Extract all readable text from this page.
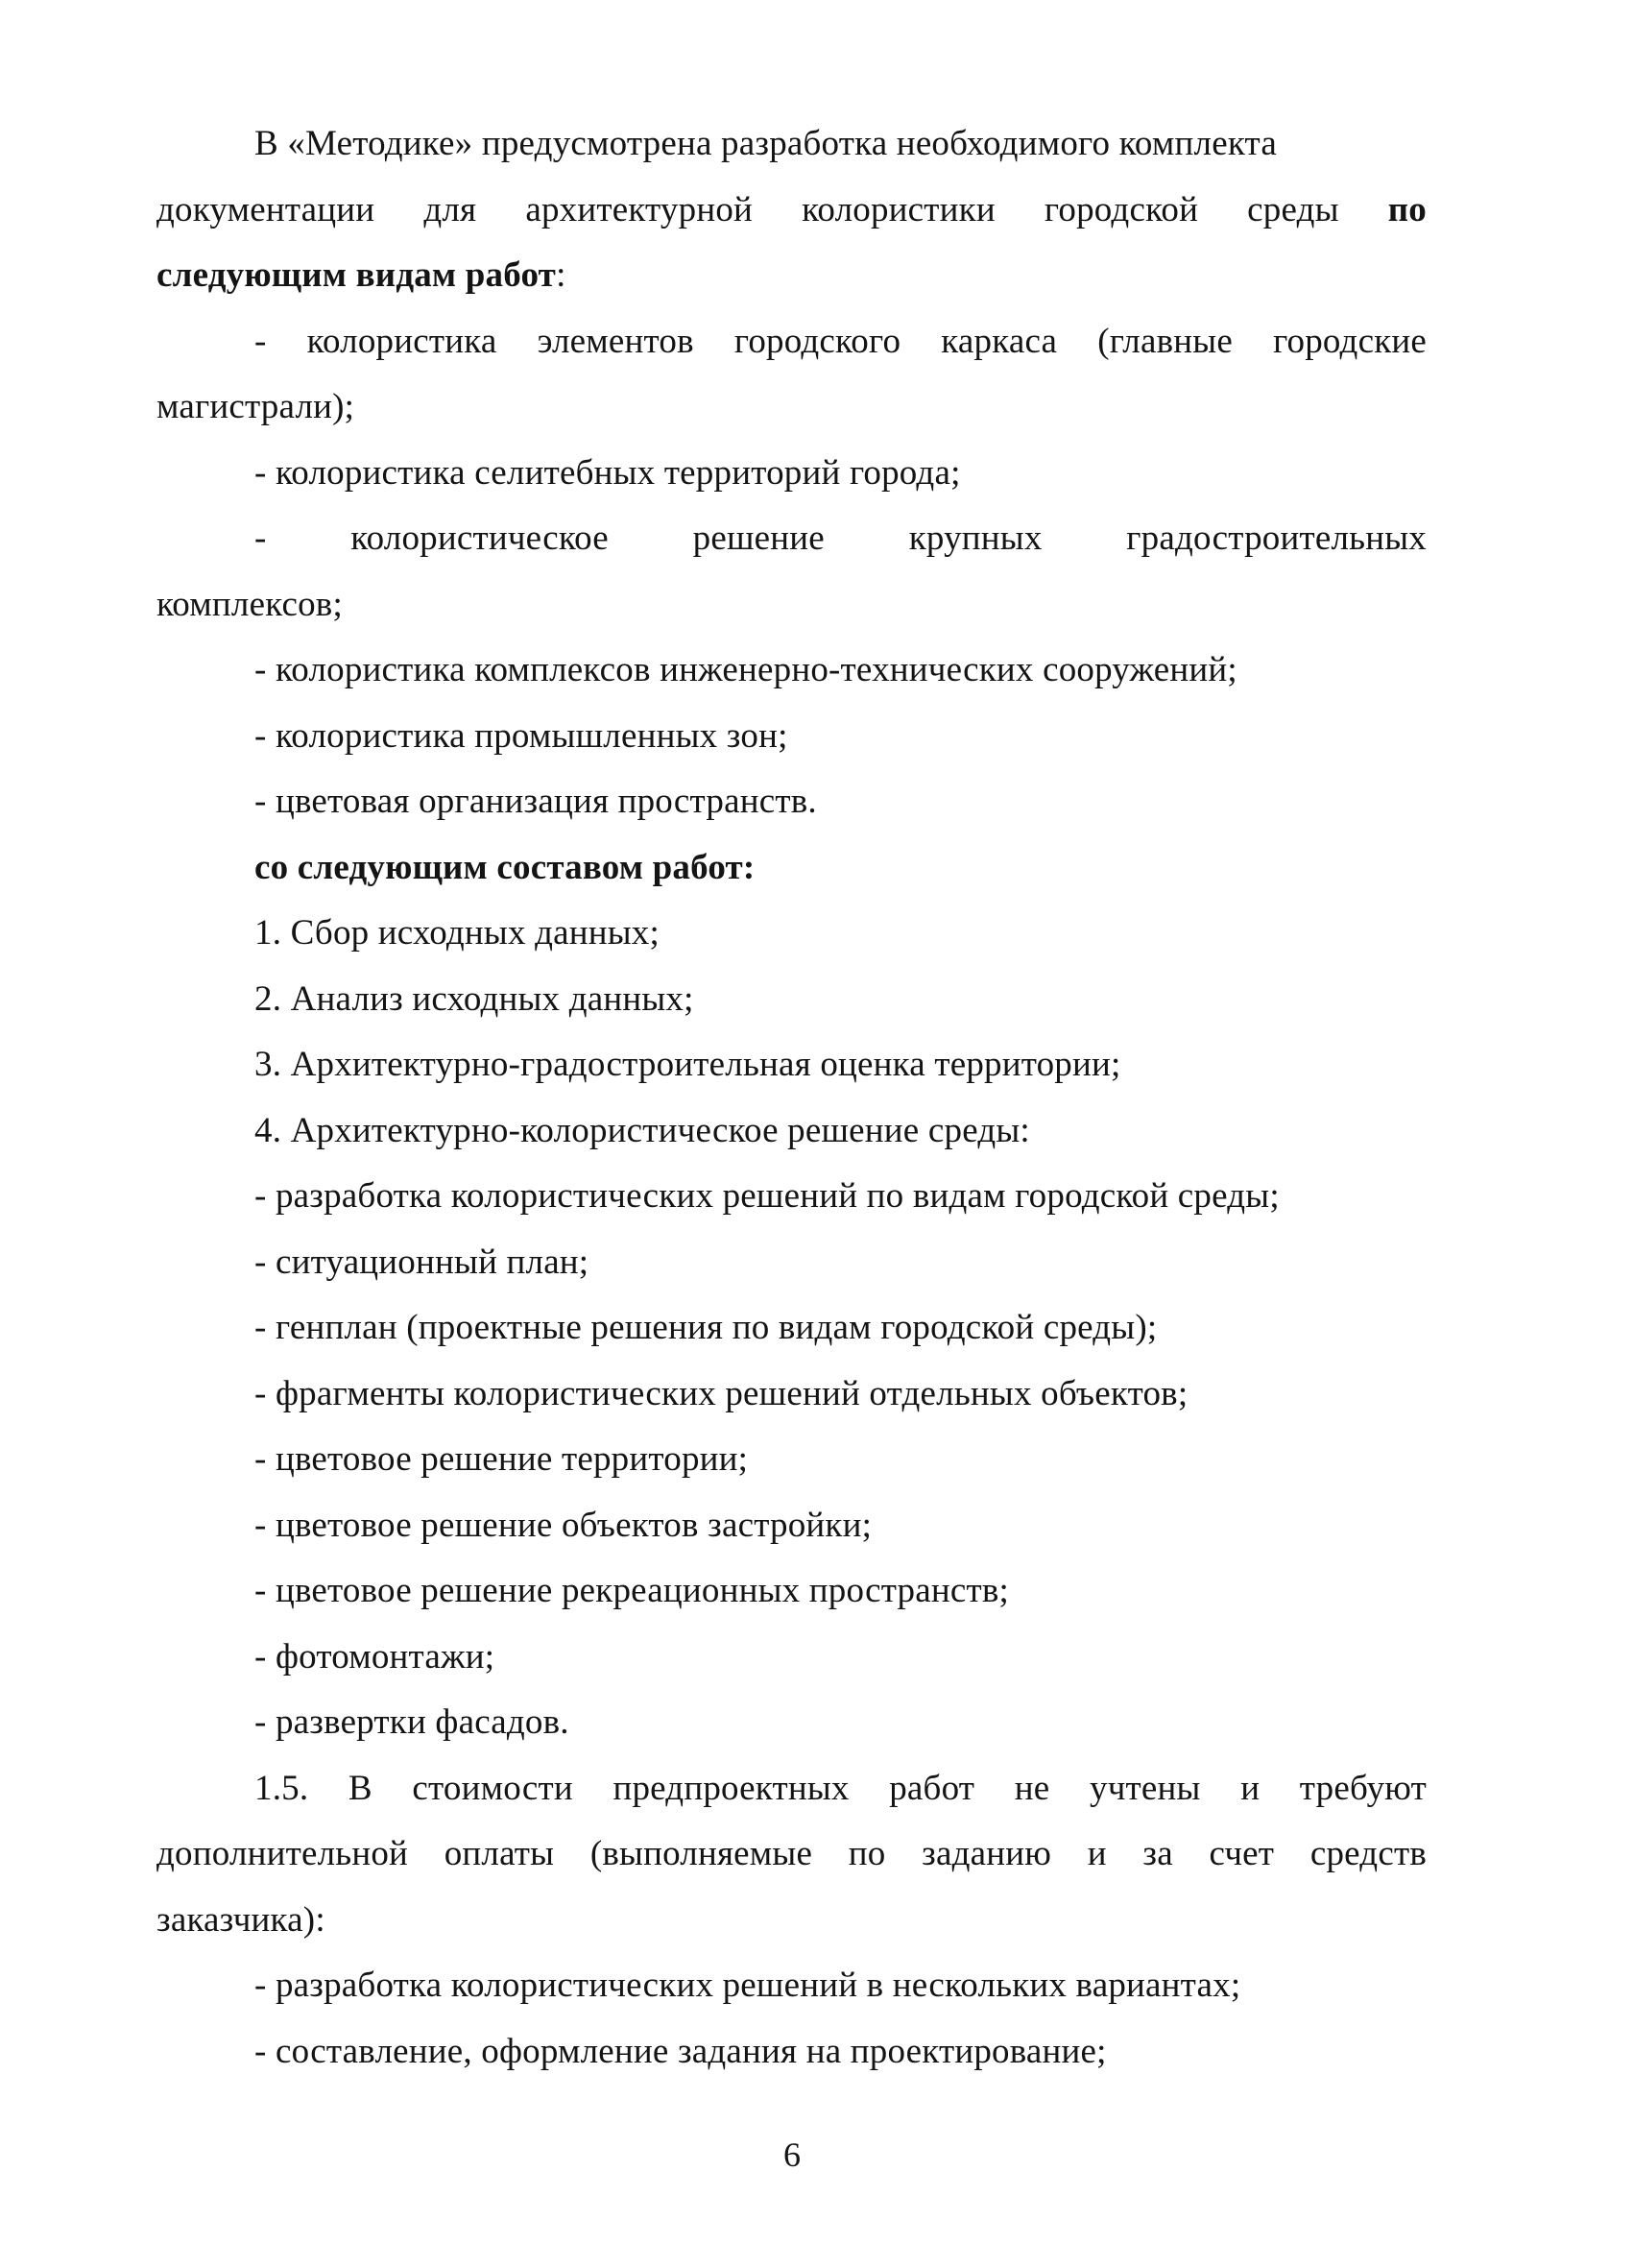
В «Методике» предусмотрена разработка необходимого комплекта
документации для архитектурной колористики городской среды по
следующим видам работ:
- колористика элементов городского каркаса (главные городские
магистрали);
- колористика селитебных территорий города;
- колористическое решение крупных градостроительных
комплексов;
- колористика комплексов инженерно-технических сооружений;
- колористика промышленных зон;
- цветовая организация пространств.
со следующим составом работ:
1. Сбор исходных данных;
2. Анализ исходных данных;
3. Архитектурно-градостроительная оценка территории;
4. Архитектурно-колористическое решение среды:
- разработка колористических решений по видам городской среды;
- ситуационный план;
- генплан (проектные решения по видам городской среды);
- фрагменты колористических решений отдельных объектов;
- цветовое решение территории;
- цветовое решение объектов застройки;
- цветовое решение рекреационных пространств;
- фотомонтажи;
- развертки фасадов.
1.5. В стоимости предпроектных работ не учтены и требуют
дополнительной оплаты (выполняемые по заданию и за счет средств
заказчика):
- разработка колористических решений в нескольких вариантах;
- составление, оформление задания на проектирование;
6
